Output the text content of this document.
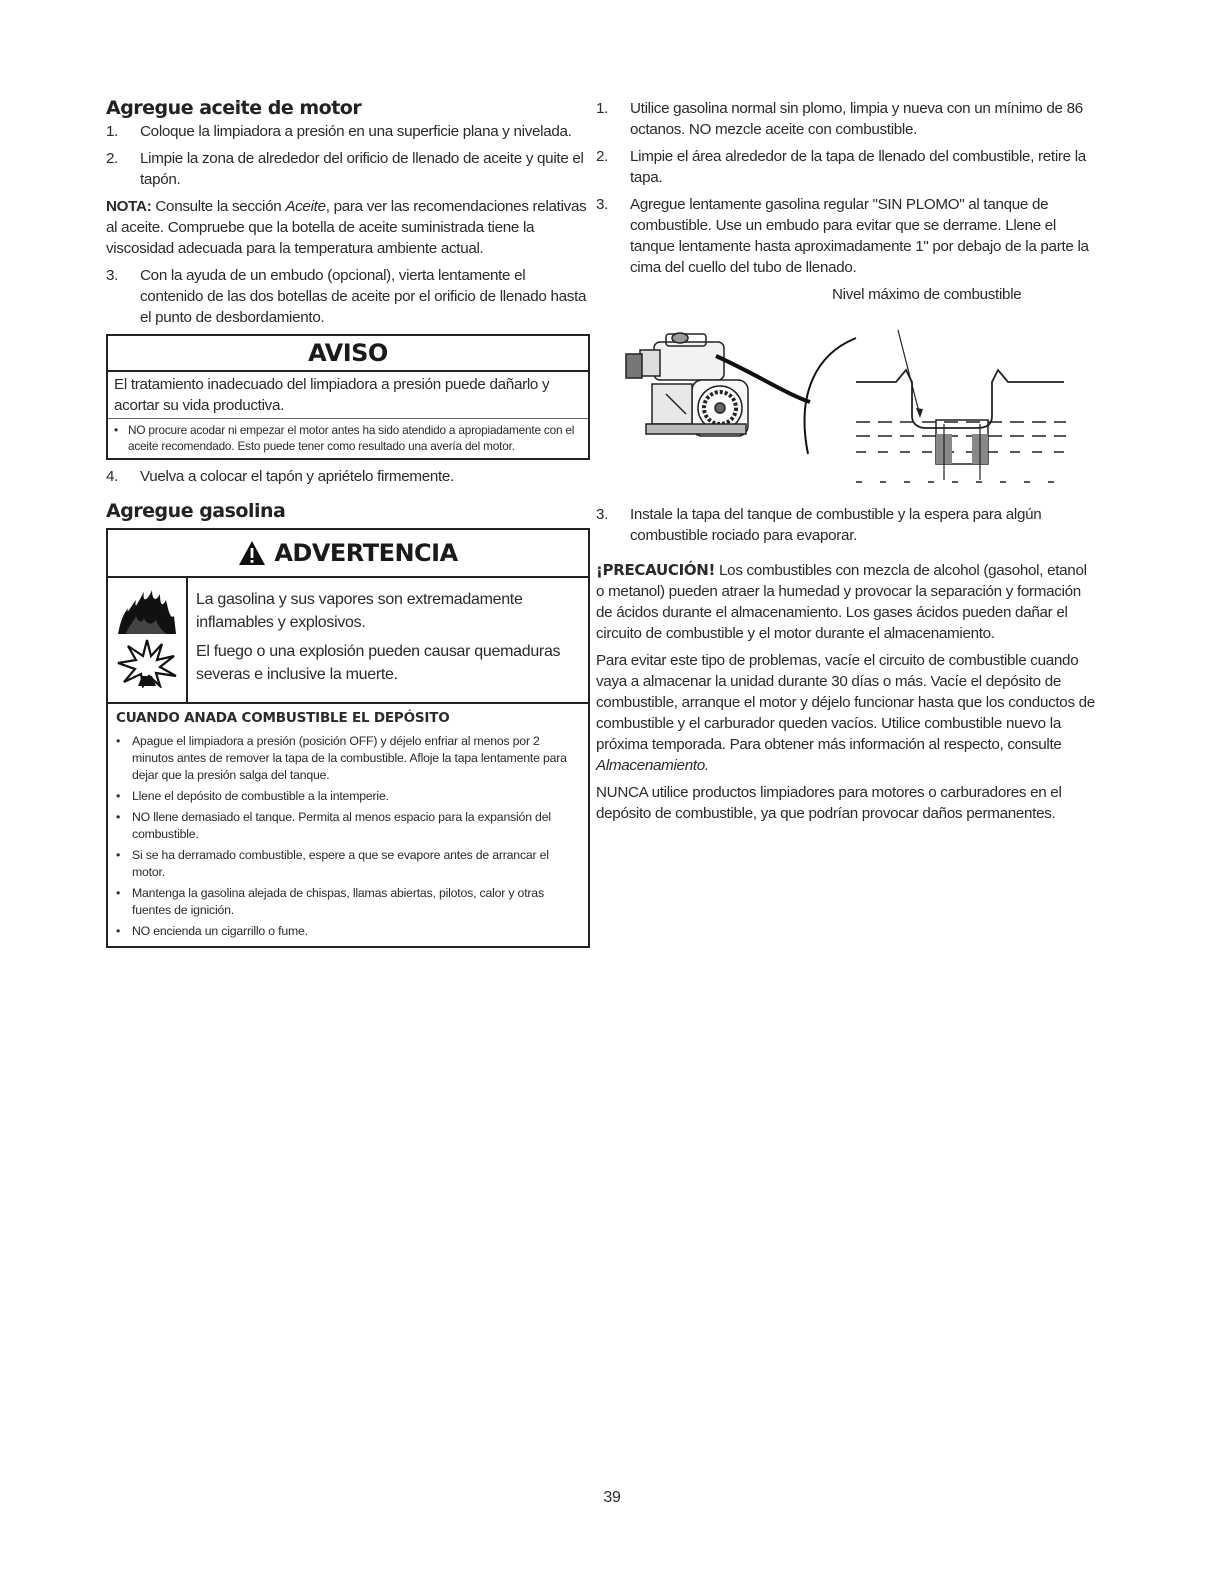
Agregue aceite de motor
1.	Coloque la limpiadora a presión en una superficie plana y nivelada.
2.	Limpie la zona de alrededor del orificio de llenado de aceite y quite el tapón.

NOTA: Consulte la sección Aceite, para ver las recomendaciones relativas al aceite. Compruebe que la botella de aceite suministrada tiene la viscosidad adecuada para la temperatura ambiente actual.

3.	Con la ayuda de un embudo (opcional), vierta lentamente el contenido de las dos botellas de aceite por el orificio de llenado hasta el punto de desbordamiento.
AVISO
El tratamiento inadecuado del limpiadora a presión puede dañarlo y acortar su vida productiva.
• NO procure acodar ni empezar el motor antes ha sido atendido a apropiadamente con el aceite recomendado. Esto puede tener como resultado una avería del motor.
4.	Vuelva a colocar el tapón y apriételo firmemente.
Agregue gasolina
ADVERTENCIA

La gasolina y sus vapores son extremadamente inflamables y explosivos.

El fuego o una explosión pueden causar quemaduras severas e inclusive la muerte.

CUANDO ANADA COMBUSTIBLE EL DEPÓSITO
• Apague el limpiadora a presión (posición OFF) y déjelo enfriar al menos por 2 minutos antes de remover la tapa de la combustible. Afloje la tapa lentamente para dejar que la presión salga del tanque.
• Llene el depósito de combustible a la intemperie.
• NO llene demasiado el tanque. Permita al menos espacio para la expansión del combustible.
• Si se ha derramado combustible, espere a que se evapore antes de arrancar el motor.
• Mantenga la gasolina alejada de chispas, llamas abiertas, pilotos, calor y otras fuentes de ignición.
• NO encienda un cigarrillo o fume.
1.	Utilice gasolina normal sin plomo, limpia y nueva con un mínimo de 86 octanos. NO mezcle aceite con combustible.
2.	Limpie el área alrededor de la tapa de llenado del combustible, retire la tapa.
3.	Agregue lentamente gasolina regular "SIN PLOMO" al tanque de combustible. Use un embudo para evitar que se derrame. Llene el tanque lentamente hasta aproximadamente 1" por debajo de la parte la cima del cuello del tubo de llenado.
Nivel máximo de combustible
3.	Instale la tapa del tanque de combustible y la espera para algún combustible rociado para evaporar.

¡PRECAUCIÓN! Los combustibles con mezcla de alcohol (gasohol, etanol o metanol) pueden atraer la humedad y provocar la separación y formación de ácidos durante el almacenamiento. Los gases ácidos pueden dañar el circuito de combustible y el motor durante el almacenamiento.

Para evitar este tipo de problemas, vacíe el circuito de combustible cuando vaya a almacenar la unidad durante 30 días o más. Vacíe el depósito de combustible, arranque el motor y déjelo funcionar hasta que los conductos de combustible y el carburador queden vacíos. Utilice combustible nuevo la próxima temporada. Para obtener más información al respecto, consulte Almacenamiento.

NUNCA utilice productos limpiadores para motores o carburadores en el depósito de combustible, ya que podrían provocar daños permanentes.

39
